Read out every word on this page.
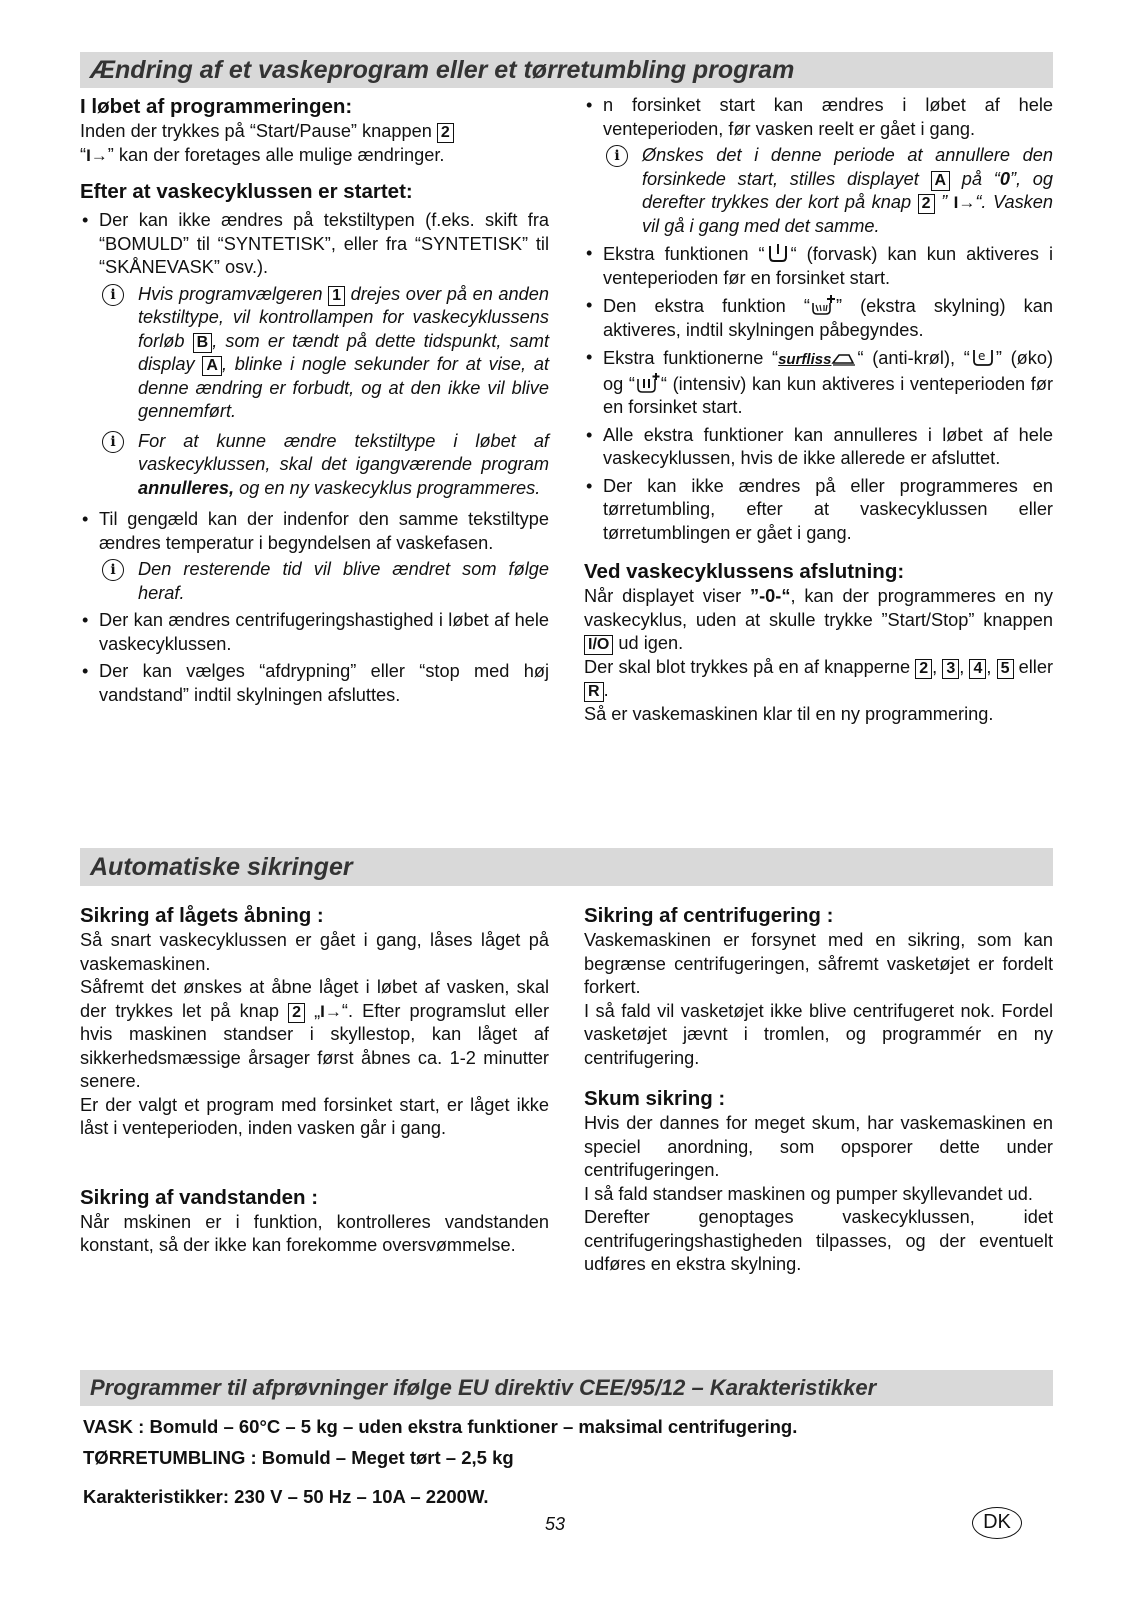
Ændring af et vaskeprogram eller et tørretumbling program
I løbet af programmeringen:

Inden der trykkes på “Start/Pause” knappen 2
“I→” kan der foretages alle mulige ændringer.

Efter at vaskecyklussen er startet:
• Der kan ikke ændres på tekstiltypen (f.eks. skift fra “BOMULD” til “SYNTETISK”, eller fra “SYNTETISK” til “SKÅNEVASK” osv.).
i	Hvis programvælgeren 1 drejes over på en anden tekstiltype, vil kontrollampen for vaskecyklussens forløb B , som er tændt på dette tidspunkt, samt display A , blinke i nogle sekunder for at vise, at denne ændring er forbudt, og at den ikke vil blive gennemført.
i	For at kunne ændre tekstiltype i løbet af vaskecyklussen, skal det igangværende program annulleres, og en ny vaskecyklus programmeres.
• Til gengæld kan der indenfor den samme tekstiltype ændres temperatur i begyndelsen af vaskefasen.
i	Den resterende tid vil blive ændret som følge heraf.
• Der kan ændres centrifugeringshastighed i løbet af hele vaskecyklussen.
• Der kan vælges “afdrypning” eller “stop med høj vandstand” indtil skylningen afsluttes.
• n forsinket start kan ændres i løbet af hele venteperioden, før vasken reelt er gået i gang.
i	Ønskes det i denne periode at annullere den forsinkede start, stilles displayet A på “0”, og derefter trykkes der kort på knap 2 ” I→“. Vasken vil gå i gang med det samme.
• Ekstra funktionen “ “ (forvask) kan kun aktiveres i venteperioden før en forsinket start.
• Den ekstra funktion “ ” (ekstra skylning) kan aktiveres, indtil skylningen påbegyndes.
• Ekstra funktionerne “surfliss “ (anti-krøl), “ e ” (øko) og “ “ (intensiv) kan kun aktiveres i venteperioden før en forsinket start.
• Alle ekstra funktioner kan annulleres i løbet af hele vaskecyklussen, hvis de ikke allerede er afsluttet.
• Der kan ikke ændres på eller programmeres en tørretumbling, efter at vaskecyklussen eller tørretumblingen er gået i gang.
Ved vaskecyklussens afslutning:

Når displayet viser ”-0-“, kan der programmeres en ny vaskecyklus, uden at skulle trykke ”Start/Stop” knappen I/O ud igen.
Der skal blot trykkes på en af knapperne 2 , 3 , 4 , 5 eller R .
Så er vaskemaskinen klar til en ny programmering.

Automatiske sikringer
Sikring af lågets åbning :

Så snart vaskecyklussen er gået i gang, låses låget på vaskemaskinen.

Såfremt det ønskes at åbne låget i løbet af vasken, skal der trykkes let på knap 2 „I→“. Efter programslut eller hvis maskinen standser i skyllestop, kan låget af sikkerhedsmæssige årsager først åbnes ca. 1-2 minutter senere.

Er der valgt et program med forsinket start, er låget ikke låst i venteperioden, inden vasken går i gang.

Sikring af vandstanden :

Når mskinen er i funktion, kontrolleres vandstanden konstant, så der ikke kan forekomme oversvømmelse.

Sikring af centrifugering :

Vaskemaskinen er forsynet med en sikring, som kan begrænse centrifugeringen, såfremt vasketøjet er fordelt forkert.

I så fald vil vasketøjet ikke blive centrifugeret nok. Fordel vasketøjet jævnt i tromlen, og programmér en ny centrifugering.

Skum sikring :

Hvis der dannes for meget skum, har vaskemaskinen en speciel anordning, som opsporer dette under centrifugeringen.

I så fald standser maskinen og pumper skyllevandet ud.

Derefter genoptages vaskecyklussen, idet centrifugeringshastigheden tilpasses, og der eventuelt udføres en ekstra skylning.

Programmer til afprøvninger ifølge EU direktiv CEE/95/12 – Karakteristikker
VASK : Bomuld – 60°C – 5 kg – uden ekstra funktioner – maksimal centrifugering.
TØRRETUMBLING : Bomuld – Meget tørt – 2,5 kg
Karakteristikker: 230 V – 50 Hz – 10A – 2200W.
53	DK
